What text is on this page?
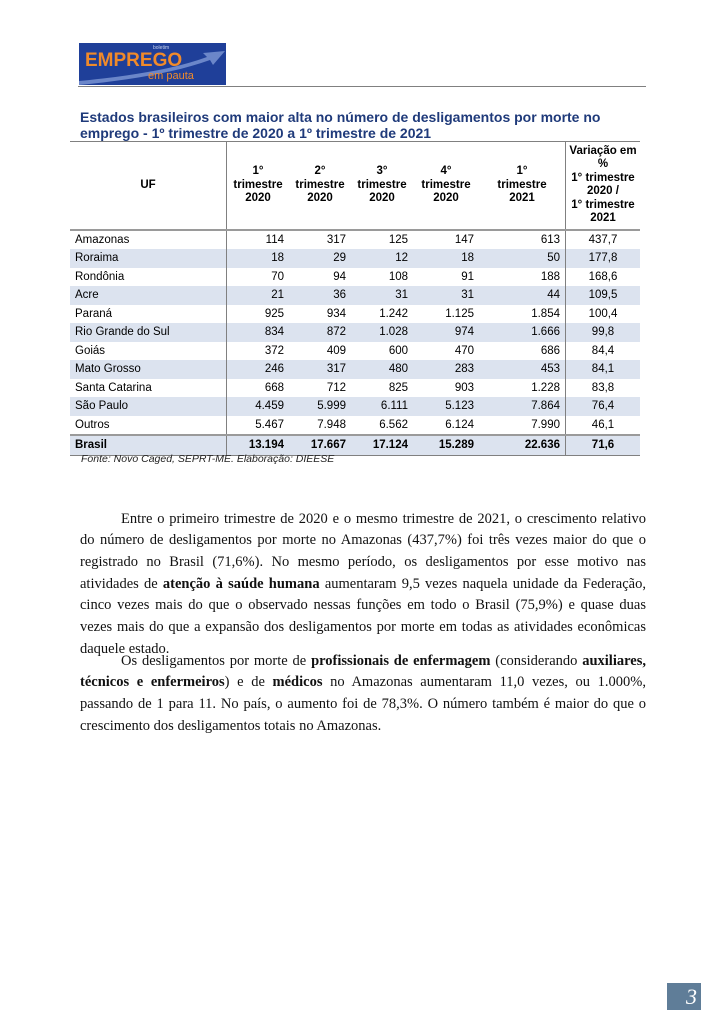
boletim
EMPREGO
em pauta
Estados brasileiros com maior alta no número de desligamentos por morte no emprego - 1º trimestre de 2020 a 1º trimestre de 2021
UF	1°
trimestre
2020	2°
trimestre
2020	3°
trimestre
2020	4°
trimestre
2020	1°
trimestre
2021	Variação em
%
1° trimestre
2020 /
1° trimestre
2021
Amazonas	114	317	125	147	613	437,7
Roraima	18	29	12	18	50	177,8
Rondônia	70	94	108	91	188	168,6
Acre	21	36	31	31	44	109,5
Paraná	925	934	1.242	1.125	1.854	100,4
Rio Grande do Sul	834	872	1.028	974	1.666	99,8
Goiás	372	409	600	470	686	84,4
Mato Grosso	246	317	480	283	453	84,1
Santa Catarina	668	712	825	903	1.228	83,8
São Paulo	4.459	5.999	6.111	5.123	7.864	76,4
Outros	5.467	7.948	6.562	6.124	7.990	46,1
Brasil	13.194	17.667	17.124	15.289	22.636	71,6
Fonte: Novo Caged, SEPRT-ME. Elaboração: DIEESE

Entre o primeiro trimestre de 2020 e o mesmo trimestre de 2021, o crescimento relativo do número de desligamentos por morte no Amazonas (437,7%) foi três vezes maior do que o registrado no Brasil (71,6%). No mesmo período, os desligamentos por esse motivo nas atividades de atenção à saúde humana aumentaram 9,5 vezes naquela unidade da Federação, cinco vezes mais do que o observado nessas funções em todo o Brasil (75,9%) e quase duas vezes mais do que a expansão dos desligamentos por morte em todas as atividades econômicas daquele estado.

Os desligamentos por morte de profissionais de enfermagem (considerando auxiliares, técnicos e enfermeiros) e de médicos no Amazonas aumentaram 11,0 vezes, ou 1.000%, passando de 1 para 11. No país, o aumento foi de 78,3%. O número também é maior do que o crescimento dos desligamentos totais no Amazonas.

3
